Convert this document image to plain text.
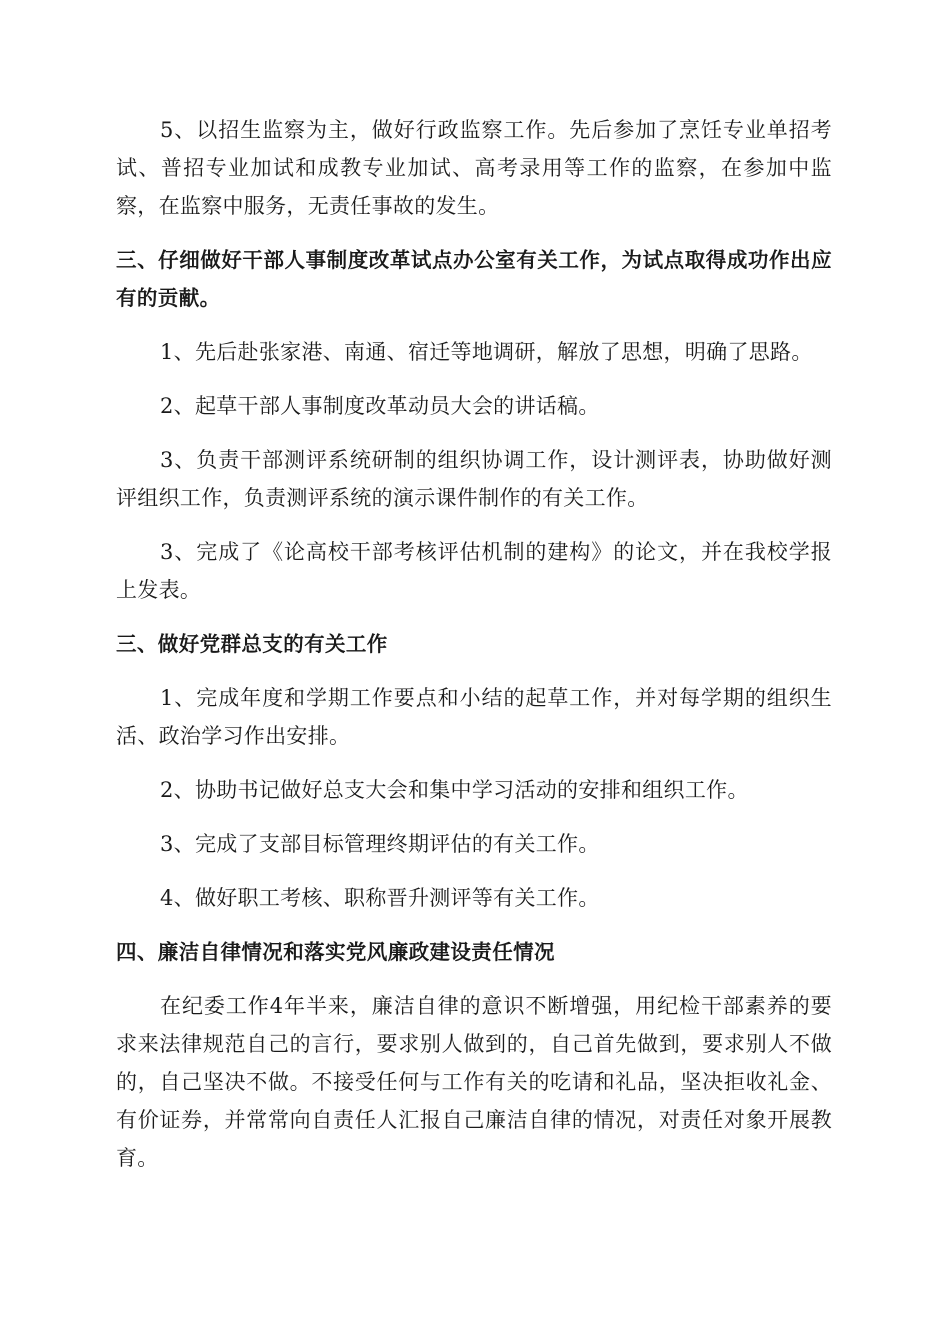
5、以招生监察为主，做好行政监察工作。先后参加了烹饪专业单招考试、普招专业加试和成教专业加试、高考录用等工作的监察，在参加中监察，在监察中服务，无责任事故的发生。

三、仔细做好干部人事制度改革试点办公室有关工作，为试点取得成功作出应有的贡献。

1、先后赴张家港、南通、宿迁等地调研，解放了思想，明确了思路。

2、起草干部人事制度改革动员大会的讲话稿。

3、负责干部测评系统研制的组织协调工作，设计测评表，协助做好测评组织工作，负责测评系统的演示课件制作的有关工作。

3、完成了《论高校干部考核评估机制的建构》的论文，并在我校学报上发表。

三、做好党群总支的有关工作

1、完成年度和学期工作要点和小结的起草工作，并对每学期的组织生活、政治学习作出安排。

2、协助书记做好总支大会和集中学习活动的安排和组织工作。

3、完成了支部目标管理终期评估的有关工作。

4、做好职工考核、职称晋升测评等有关工作。

四、廉洁自律情况和落实党风廉政建设责任情况

在纪委工作4年半来，廉洁自律的意识不断增强，用纪检干部素养的要求来法律规范自己的言行，要求别人做到的，自己首先做到，要求别人不做的，自己坚决不做。不接受任何与工作有关的吃请和礼品，坚决拒收礼金、有价证券，并常常向自责任人汇报自己廉洁自律的情况，对责任对象开展教育。
